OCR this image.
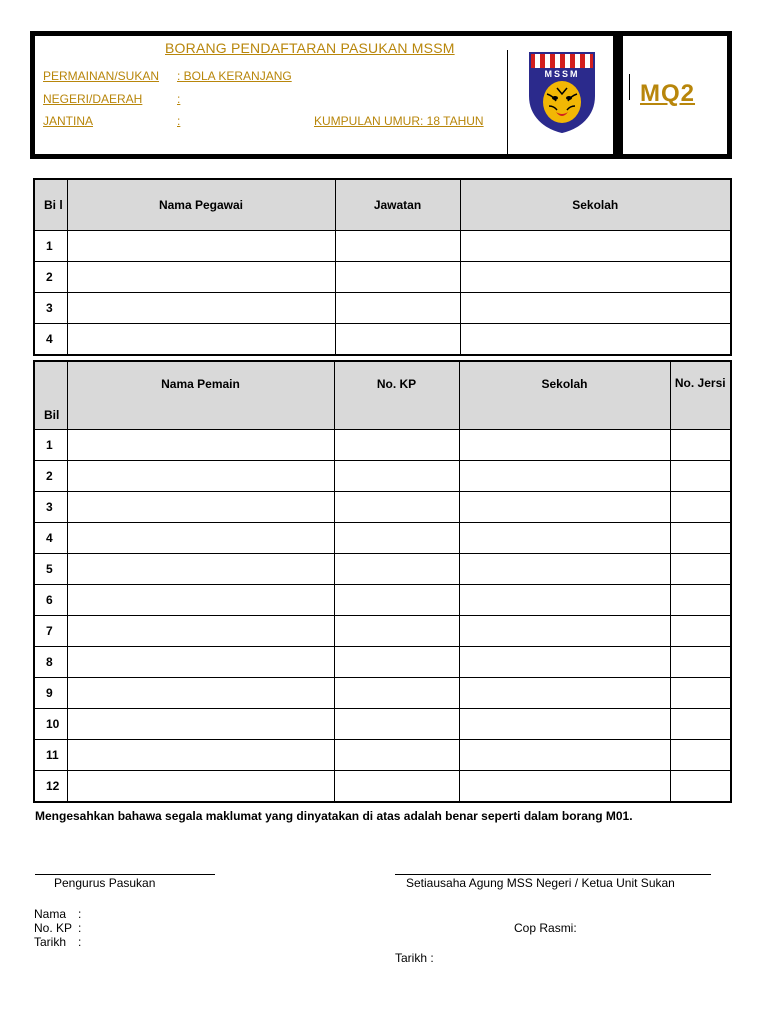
BORANG PENDAFTARAN PASUKAN MSSM
PERMAINAN/SUKAN : BOLA KERANJANG
NEGERI/DAERAH	:
JANTINA	:	KUMPULAN UMUR: 18 TAHUN
MSSM
MQ2
Bi l	Nama Pegawai	Jawatan	Sekolah
1			
2			
3			
4			
Bil	Nama Pemain	No. KP	Sekolah	No. Jersi
1				
2				
3				
4				
5				
6				
7				
8				
9				
10				
11				
12				
Mengesahkan bahawa segala maklumat yang dinyatakan di atas adalah benar seperti dalam borang M01.
Pengurus Pasukan	Setiausaha Agung MSS Negeri / Ketua Unit Sukan
Nama :
No. KP :
Tarikh :
Cop Rasmi:
Tarikh :
